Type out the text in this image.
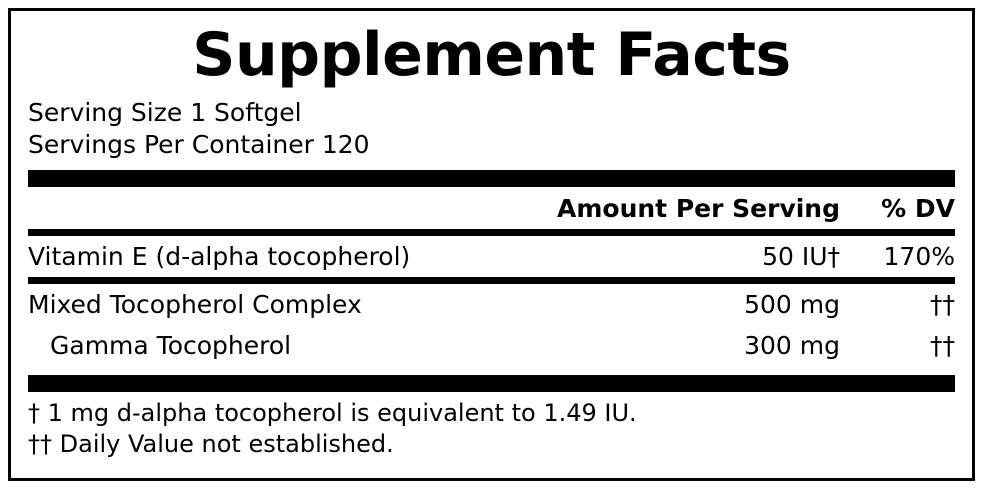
Supplement Facts
Serving Size 1 Softgel
Servings Per Container 120
Amount Per Serving	% DV
Vitamin E (d-alpha tocopherol)	50 IU†	170%
Mixed Tocopherol Complex	500 mg	††
Gamma Tocopherol	300 mg	††
† 1 mg d-alpha tocopherol is equivalent to 1.49 IU.
†† Daily Value not established.
